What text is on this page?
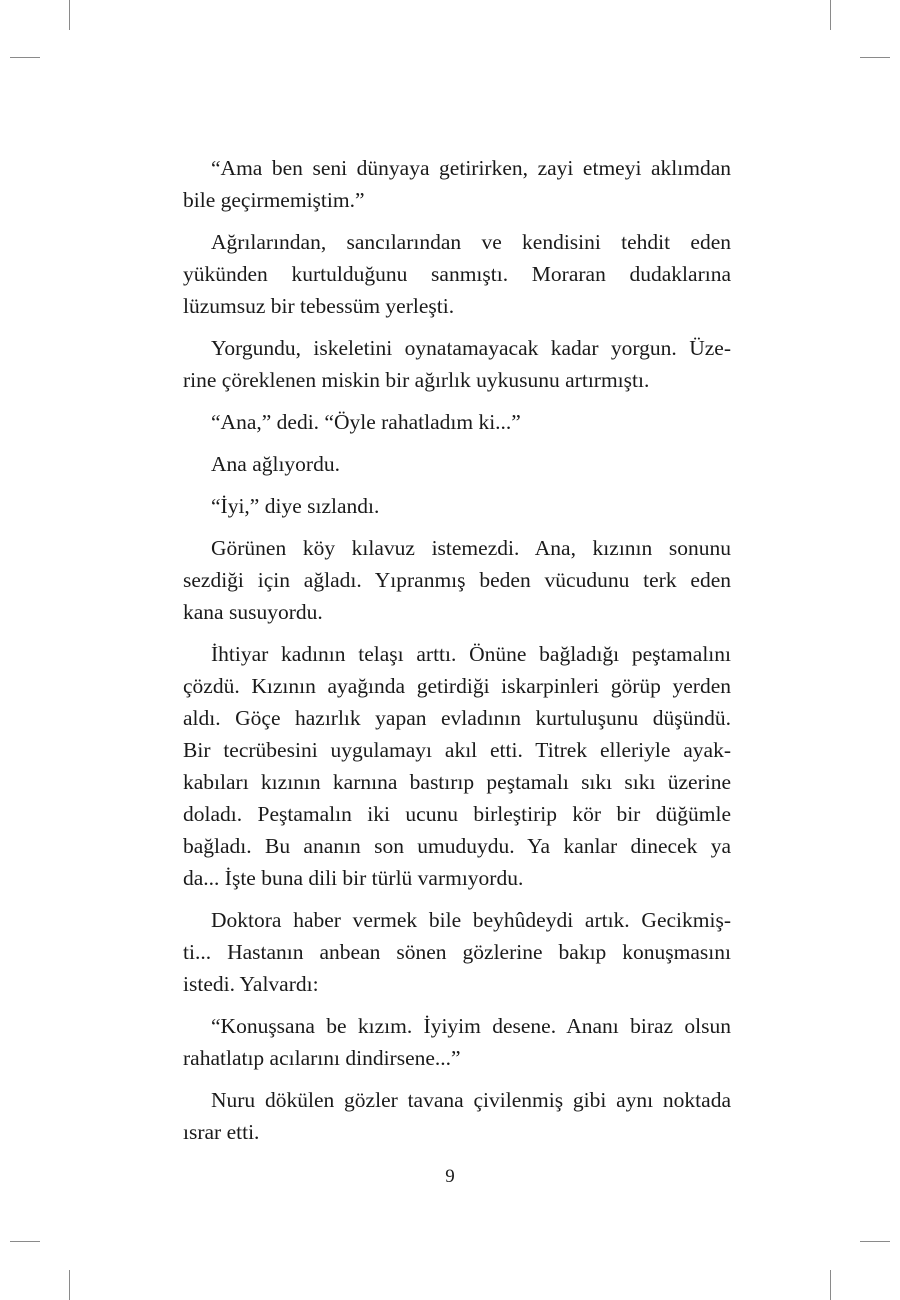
“Ama ben seni dünyaya getirirken, zayi etmeyi aklımdan
bile geçirmemiştim.”

Ağrılarından, sancılarından ve kendisini tehdit eden
yükünden kurtulduğunu sanmıştı. Moraran dudaklarına
lüzumsuz bir tebessüm yerleşti.

Yorgundu, iskeletini oynatamayacak kadar yorgun. Üze-
rine çöreklenen miskin bir ağırlık uykusunu artırmıştı.

“Ana,” dedi. “Öyle rahatladım ki...”

Ana ağlıyordu.

“İyi,” diye sızlandı.

Görünen köy kılavuz istemezdi. Ana, kızının sonunu
sezdiği için ağladı. Yıpranmış beden vücudunu terk eden
kana susuyordu.

İhtiyar kadının telaşı arttı. Önüne bağladığı peştamalını
çözdü. Kızının ayağında getirdiği iskarpinleri görüp yerden
aldı. Göçe hazırlık yapan evladının kurtuluşunu düşündü.
Bir tecrübesini uygulamayı akıl etti. Titrek elleriyle ayak-
kabıları kızının karnına bastırıp peştamalı sıkı sıkı üzerine
doladı. Peştamalın iki ucunu birleştirip kör bir düğümle
bağladı. Bu ananın son umuduydu. Ya kanlar dinecek ya
da... İşte buna dili bir türlü varmıyordu.

Doktora haber vermek bile beyhûdeydi artık. Gecikmiş-
ti... Hastanın anbean sönen gözlerine bakıp konuşmasını
istedi. Yalvardı:

“Konuşsana be kızım. İyiyim desene. Ananı biraz olsun
rahatlatıp acılarını dindirsene...”

Nuru dökülen gözler tavana çivilenmiş gibi aynı noktada
ısrar etti.

9
